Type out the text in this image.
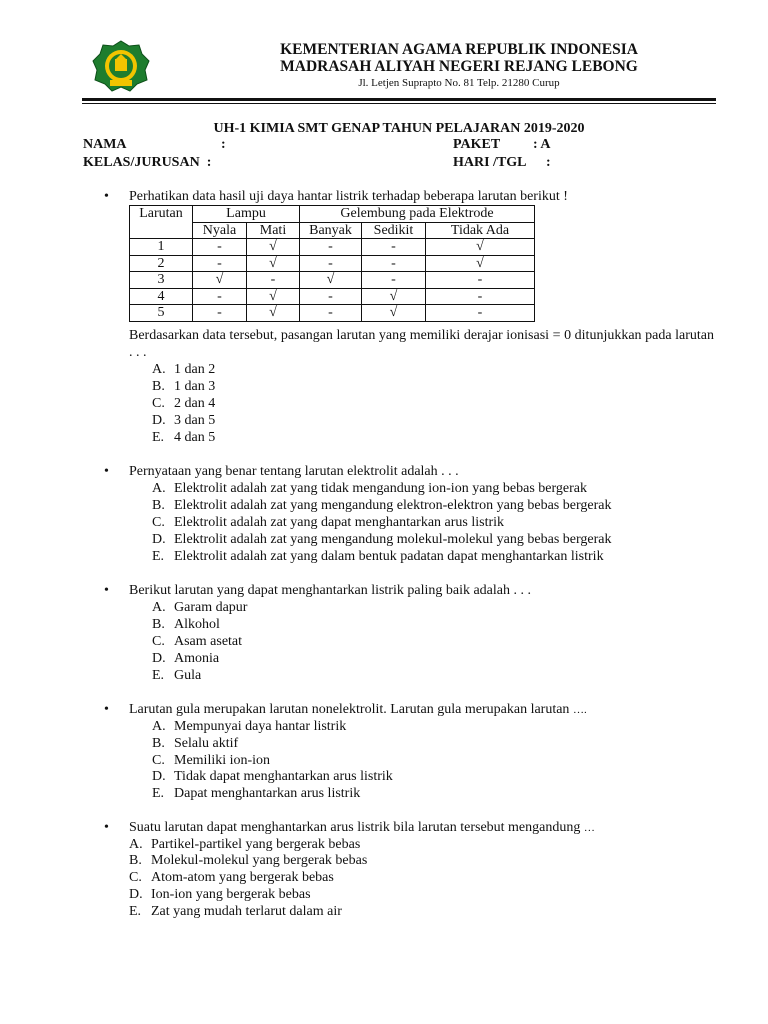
KEMENTERIAN AGAMA REPUBLIK INDONESIA
MADRASAH ALIYAH NEGERI REJANG LEBONG
Jl. Letjen Suprapto No. 81 Telp. 21280 Curup
UH-1 KIMIA SMT GENAP TAHUN PELAJARAN 2019-2020
NAMA	:
KELAS/JURUSAN  :
PAKET : A
HARI /TGL :
• Perhatikan data hasil uji daya hantar listrik terhadap beberapa larutan berikut !
Larutan	Lampu		Gelembung pada Elektrode		
	Nyala	Mati	Banyak	Sedikit	Tidak Ada
1	-	√	-	-	√
2	-	√	-	-	√
3	√	-	√	-	-
4	-	√	-	√	-
5	-	√	-	√	-
Berdasarkan data tersebut, pasangan larutan yang memiliki derajar ionisasi = 0 ditunjukkan pada larutan . . .
A. 1 dan 2
B. 1 dan 3
C. 2 dan 4
D. 3 dan 5
E. 4 dan 5
• Pernyataan yang benar tentang larutan elektrolit adalah . . .
A. Elektrolit adalah zat yang tidak mengandung ion-ion yang bebas bergerak
B. Elektrolit adalah zat yang mengandung elektron-elektron yang bebas bergerak
C. Elektrolit adalah zat yang dapat menghantarkan arus listrik
D. Elektrolit adalah zat yang mengandung molekul-molekul yang bebas bergerak
E. Elektrolit adalah zat yang dalam bentuk padatan dapat menghantarkan listrik
• Berikut larutan yang dapat menghantarkan listrik paling baik adalah . . .
A. Garam dapur
B. Alkohol
C. Asam asetat
D. Amonia
E. Gula
• Larutan gula merupakan larutan nonelektrolit. Larutan gula merupakan larutan ….
A. Mempunyai daya hantar listrik
B. Selalu aktif
C. Memiliki ion-ion
D. Tidak dapat menghantarkan arus listrik
E. Dapat menghantarkan arus listrik
• Suatu larutan dapat menghantarkan arus listrik bila larutan tersebut mengandung …
A. Partikel-partikel yang bergerak bebas
B. Molekul-molekul yang bergerak bebas
C. Atom-atom yang bergerak bebas
D. Ion-ion yang bergerak bebas
E. Zat yang mudah terlarut dalam air
